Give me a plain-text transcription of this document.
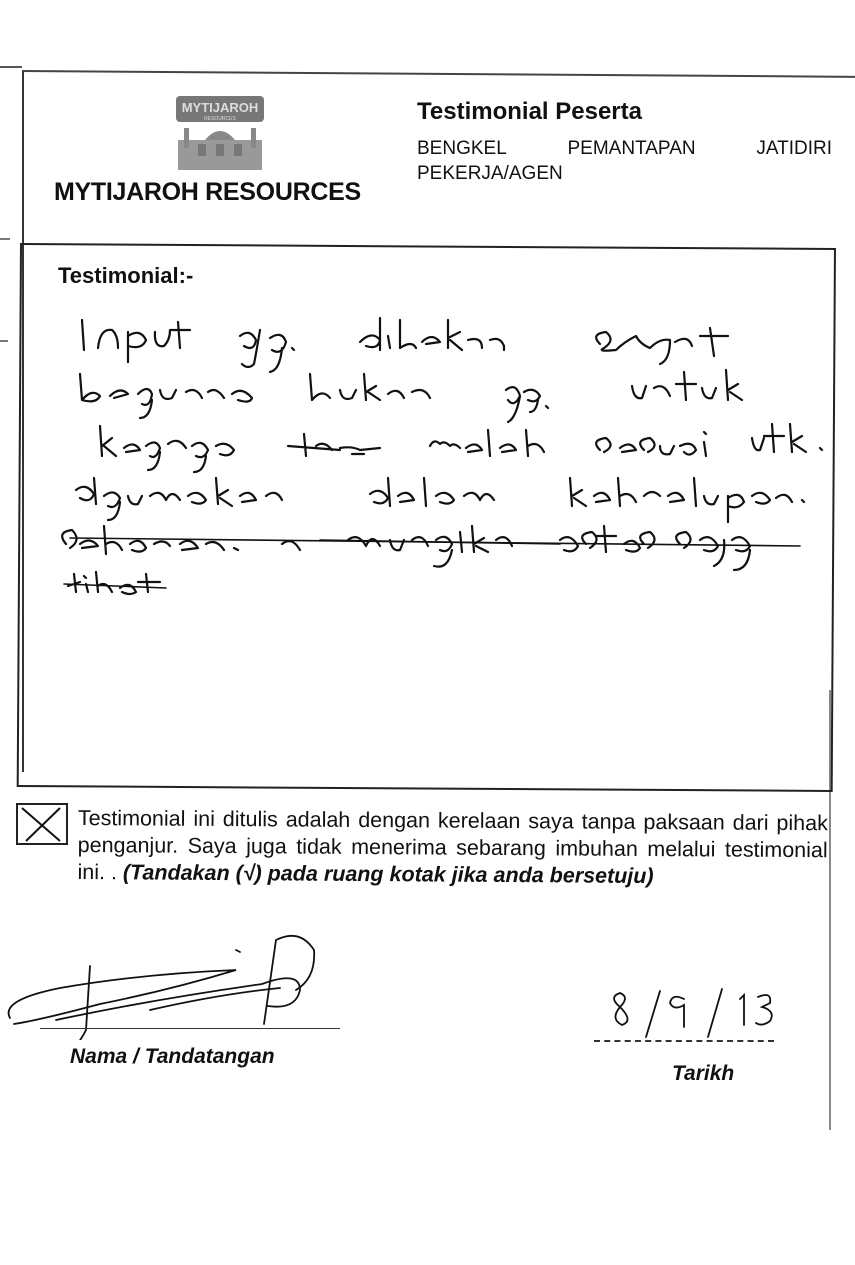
MYTIJAROH
RESOURCES
MYTIJAROH RESOURCES
Testimonial Peserta
BENGKEL	PEMANTAPAN	JATIDIRI
PEKERJA/AGEN
Testimonial:-
Testimonial ini ditulis adalah dengan kerelaan saya tanpa paksaan dari pihak penganjur. Saya juga tidak menerima sebarang imbuhan melalui testimonial ini. . (Tandakan (√) pada ruang kotak jika anda bersetuju)
Nama / Tandatangan
Tarikh
